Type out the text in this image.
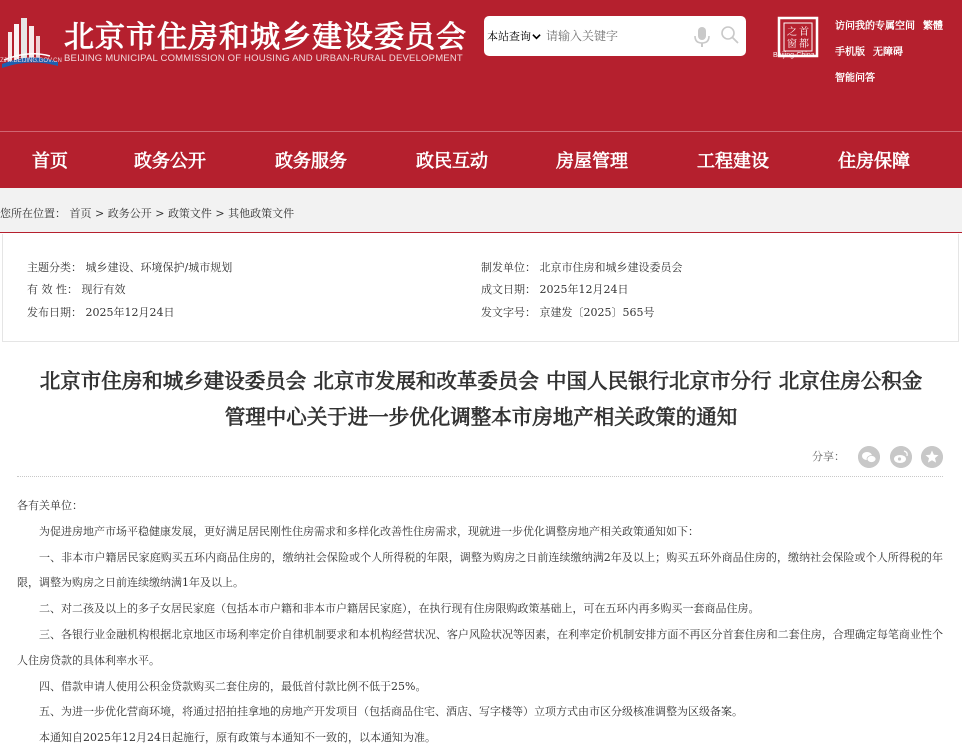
ZJW.BEIJING.GOV.CN
北京市住房和城乡建设委员会
BEIJING MUNICIPAL COMMISSION OF HOUSING AND URBAN-RURAL DEVELOPMENT
本站查询
请输入关键字	之 首
窗 都
Beijing-China
访问我的专属空间 繁體
手机版 无障碍
智能问答
首页	政务公开	政务服务	政民互动	房屋管理	工程建设	住房保障
您所在位置： 首页 > 政务公开 > 政策文件 > 其他政策文件
主题分类： 城乡建设、环境保护/城市规划
有 效 性： 现行有效
发布日期： 2025年12月24日
制发单位： 北京市住房和城乡建设委员会
成文日期： 2025年12月24日
发文字号： 京建发〔2025〕565号
北京市住房和城乡建设委员会 北京市发展和改革委员会 中国人民银行北京市分行 北京住房公积金
管理中心关于进一步优化调整本市房地产相关政策的通知
分享：

各有关单位：

为促进房地产市场平稳健康发展，更好满足居民刚性住房需求和多样化改善性住房需求，现就进一步优化调整房地产相关政策通知如下：

一、非本市户籍居民家庭购买五环内商品住房的，缴纳社会保险或个人所得税的年限，调整为购房之日前连续缴纳满2年及以上；购买五环外商品住房的，缴纳社会保险或个人所得税的年限，调整为购房之日前连续缴纳满1年及以上。

二、对二孩及以上的多子女居民家庭（包括本市户籍和非本市户籍居民家庭），在执行现有住房限购政策基础上，可在五环内再多购买一套商品住房。

三、各银行业金融机构根据北京地区市场利率定价自律机制要求和本机构经营状况、客户风险状况等因素，在利率定价机制安排方面不再区分首套住房和二套住房，合理确定每笔商业性个人住房贷款的具体利率水平。

四、借款申请人使用公积金贷款购买二套住房的，最低首付款比例不低于25%。

五、为进一步优化营商环境，将通过招拍挂拿地的房地产开发项目（包括商品住宅、酒店、写字楼等）立项方式由市区分级核准调整为区级备案。

本通知自2025年12月24日起施行，原有政策与本通知不一致的，以本通知为准。
